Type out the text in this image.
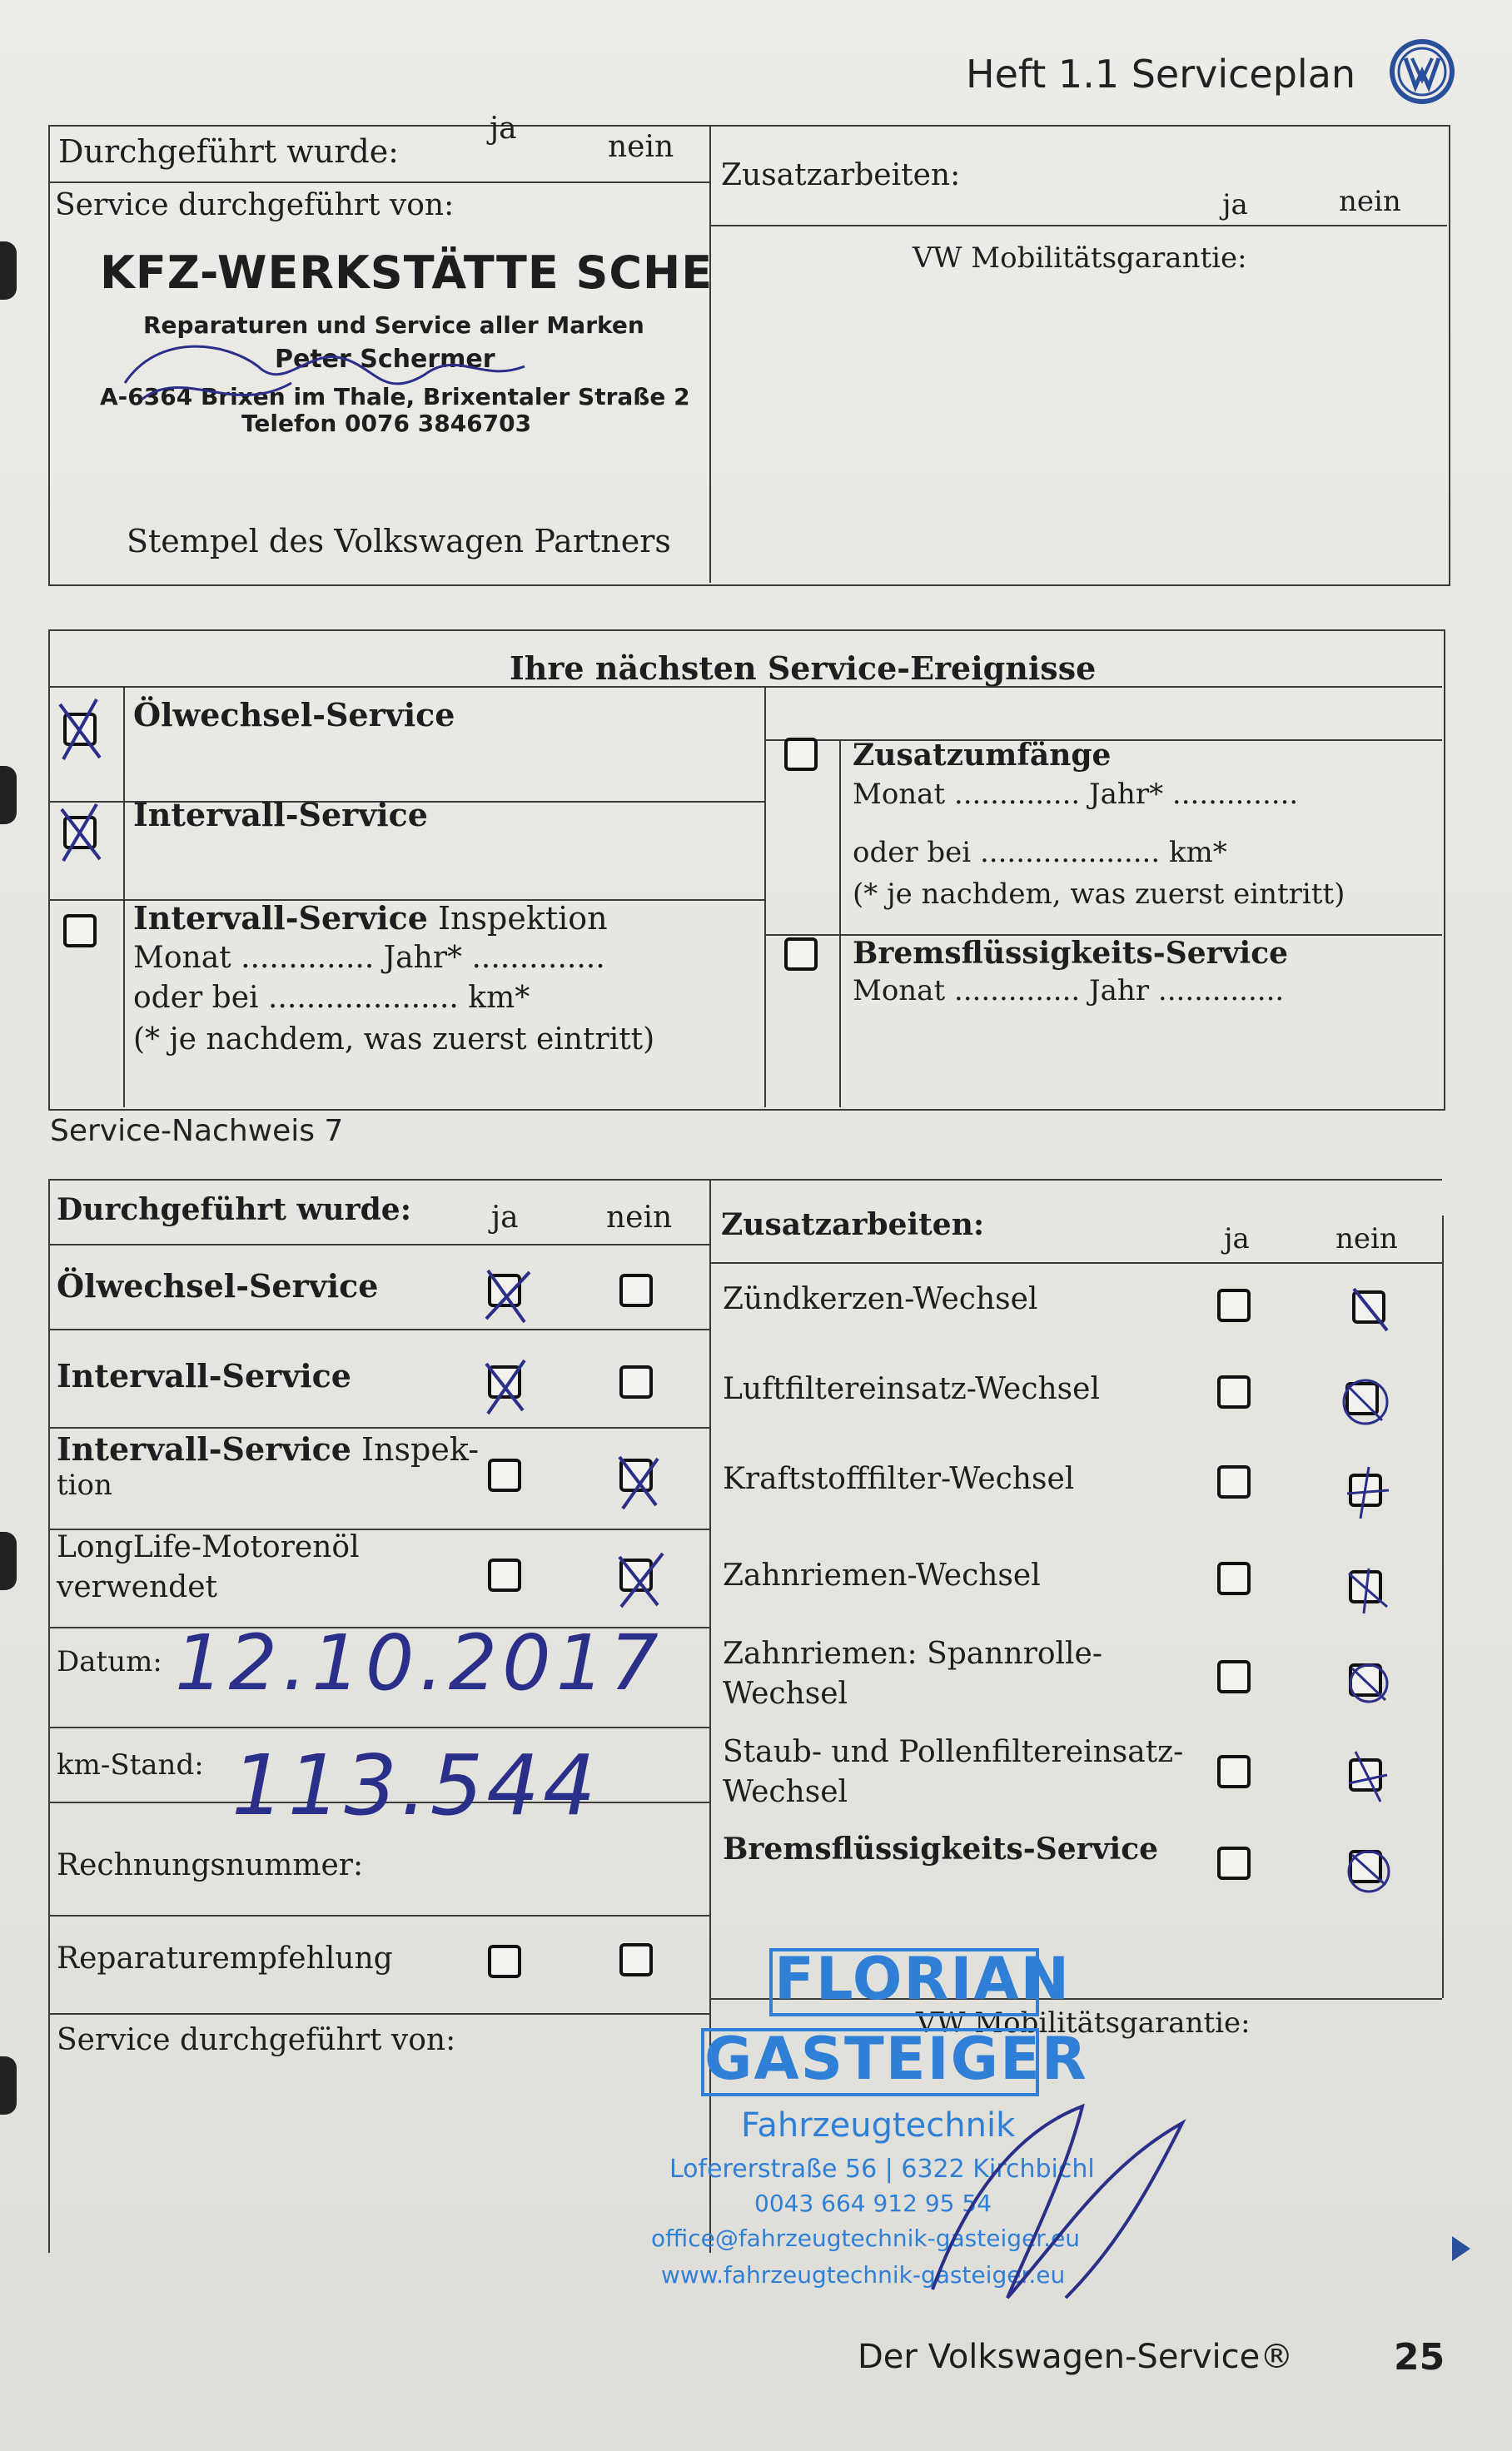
Heft 1.1 Serviceplan
Durchgeführt wurde:
ja
nein
Service durchgeführt von:
Zusatzarbeiten:
ja	nein
VW Mobilitätsgarantie:
KFZ-WERKSTÄTTE SCHE
Reparaturen und Service aller Marken
Peter Schermer
A-6364 Brixen im Thale, Brixentaler Straße 2
Telefon 0076 3846703
Stempel des Volkswagen Partners
Ihre nächsten Service-Ereignisse
Ölwechsel-Service
Intervall-Service
Intervall-Service Inspektion
Monat .............. Jahr* ..............
oder bei .................... km*
(* je nachdem, was zuerst eintritt)
Zusatzumfänge
Monat .............. Jahr* ..............
oder bei .................... km*
(* je nachdem, was zuerst eintritt)
Bremsflüssigkeits-Service
Monat .............. Jahr ..............
Service-Nachweis 7
Durchgeführt wurde:	ja	nein
Ölwechsel-Service
Intervall-Service
Intervall-Service Inspek-
tion
LongLife-Motorenöl
verwendet
Datum: 12.10.2017
km-Stand: 113.544
Rechnungsnummer:
Reparaturempfehlung
Service durchgeführt von:
Zusatzarbeiten:	ja	nein
Zündkerzen-Wechsel
Luftfiltereinsatz-Wechsel
Kraftstofffilter-Wechsel
Zahnriemen-Wechsel
Zahnriemen: Spannrolle-
Wechsel
Staub- und Pollenfiltereinsatz-
Wechsel
Bremsflüssigkeits-Service
VW Mobilitätsgarantie:
FLORIAN
GASTEIGER
Fahrzeugtechnik
Lofererstraße 56 | 6322 Kirchbichl
0043 664 912 95 54
office@fahrzeugtechnik-gasteiger.eu
www.fahrzeugtechnik-gasteiger.eu
Der Volkswagen-Service®	25
